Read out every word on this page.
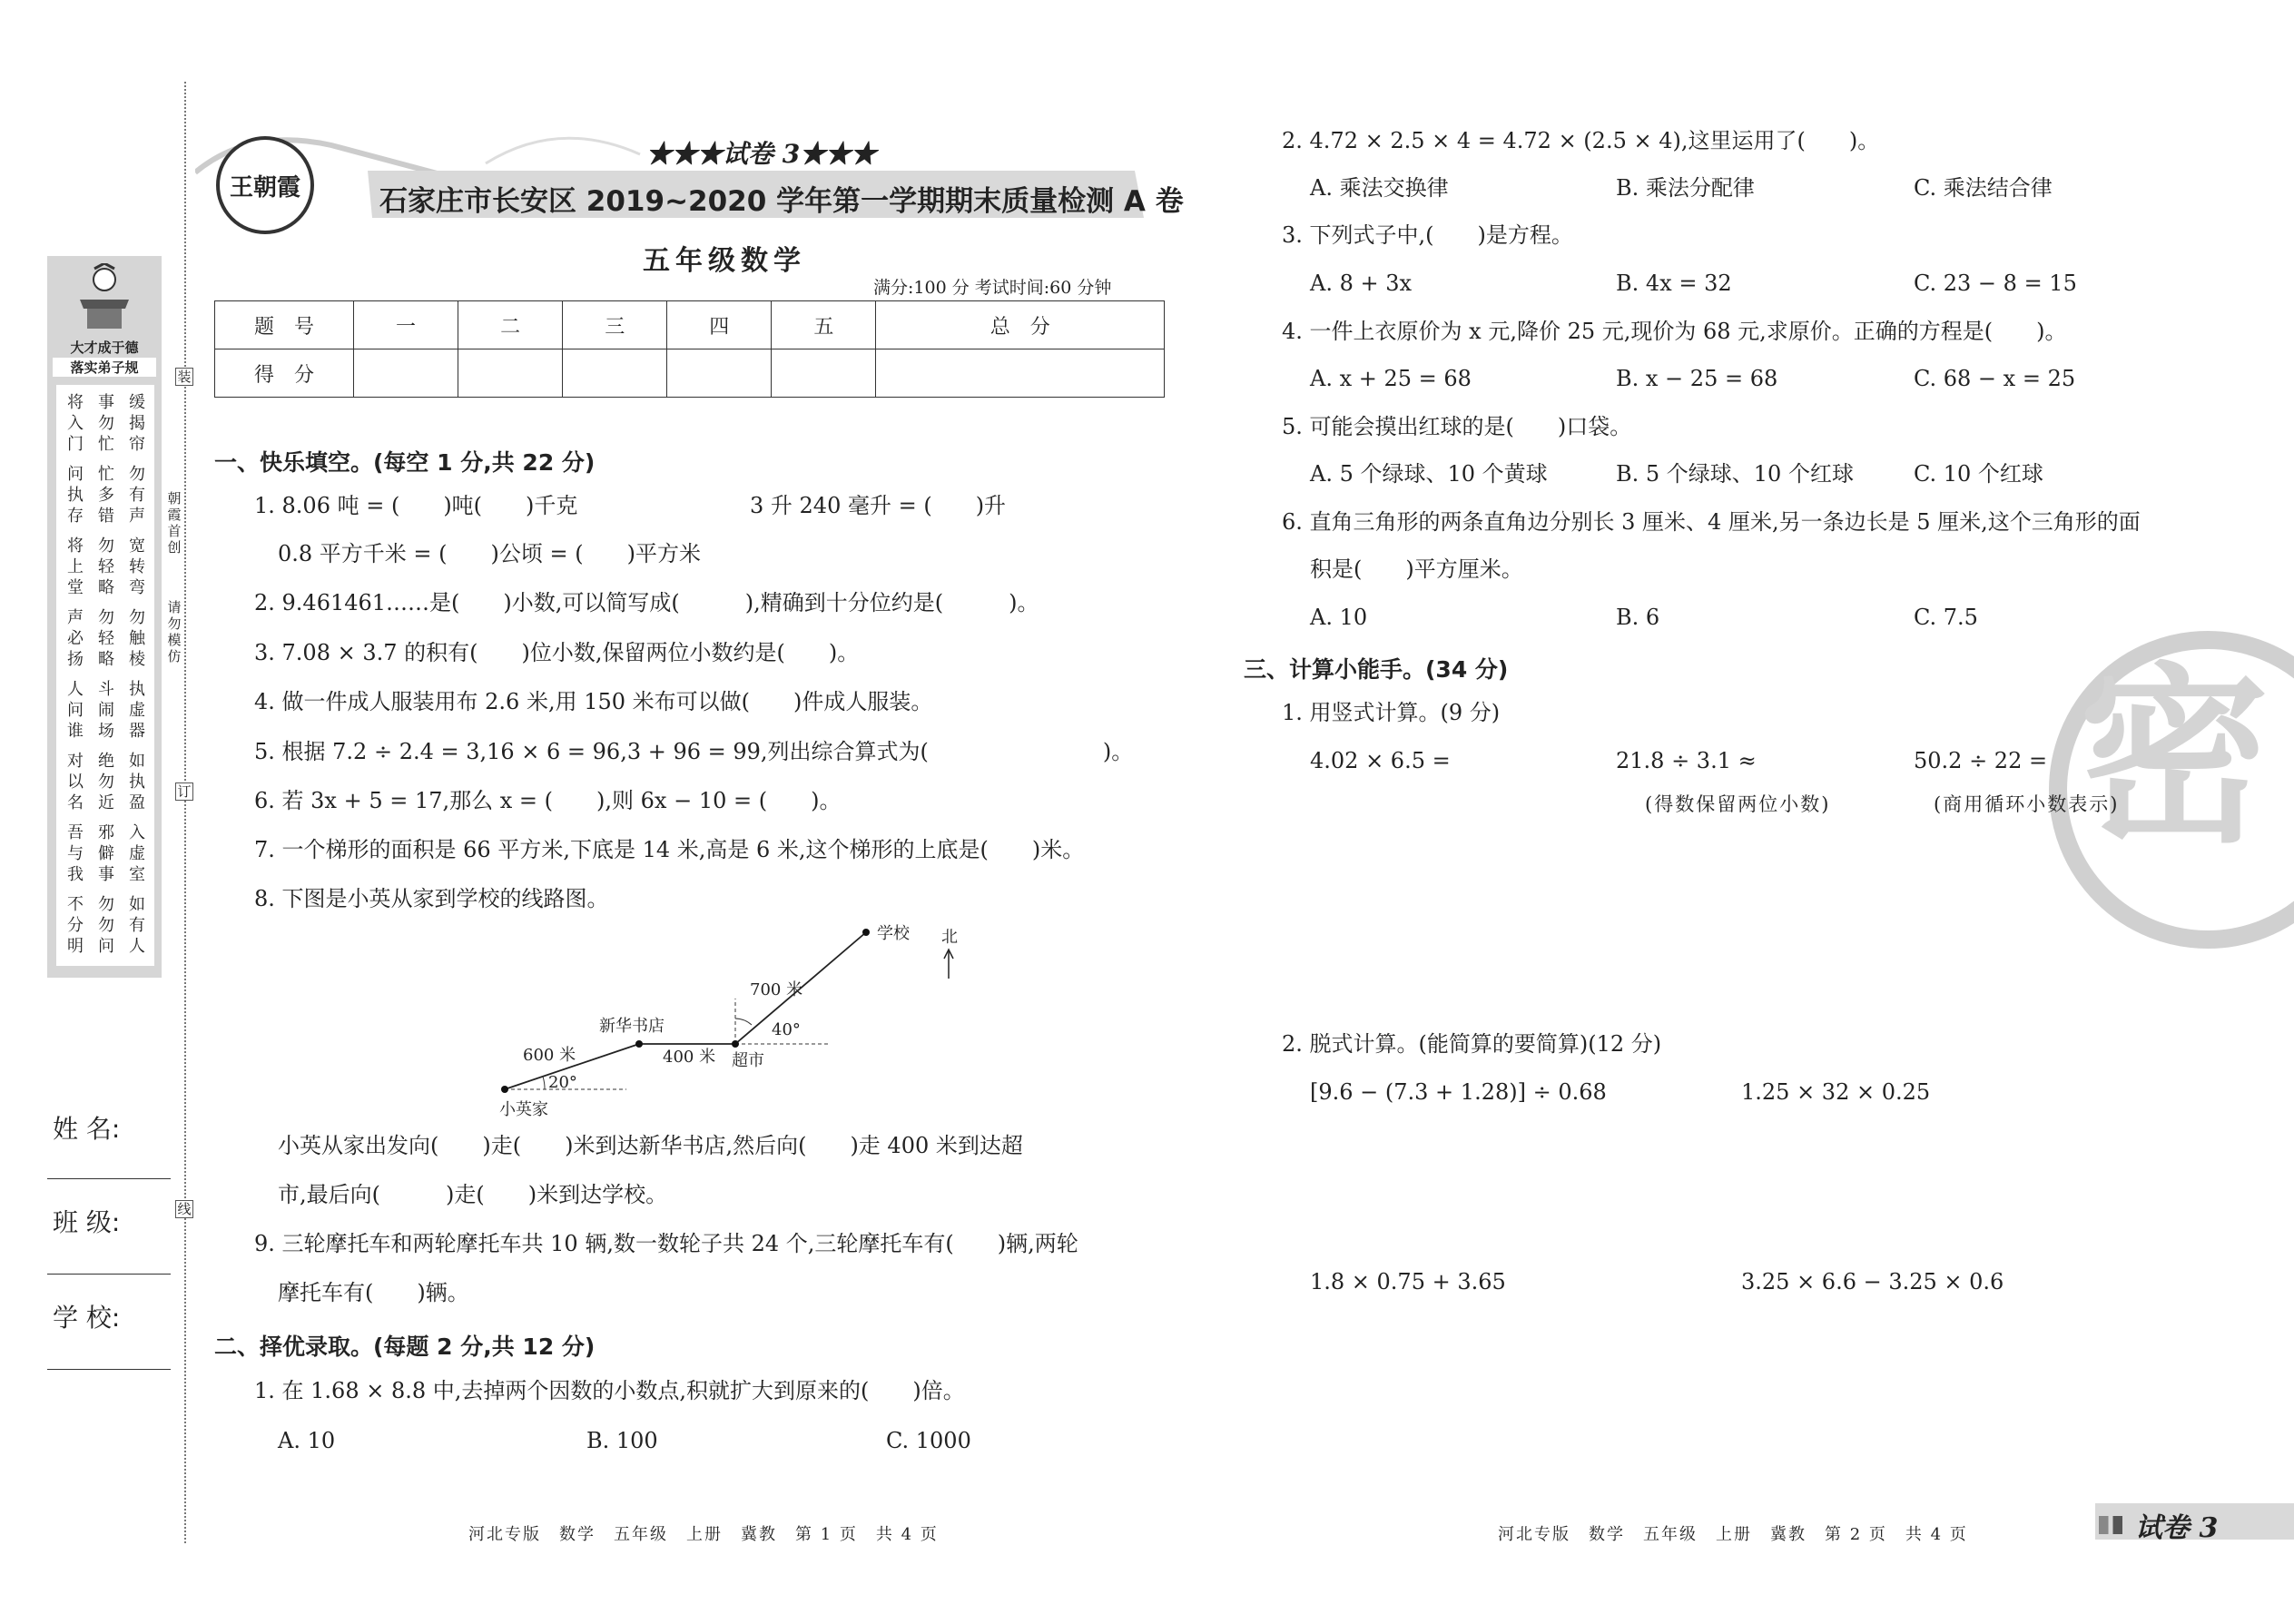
大才成于德
落实弟子规
将入门
事勿忙
缓揭帘
问执存
忙多错
勿有声
将上堂
勿轻略
宽转弯
声必扬
勿轻略
勿触棱
人问谁
斗闹场
执虚器
对以名
绝勿近
如执盈
吾与我
邪僻事
入虚室
不分明
勿勿问
如有人
装
朝霞首创
请勿模仿
订
线
姓 名:
班 级:
学 校:
王朝霞
★★★试卷 3★★★
石家庄市长安区 2019~2020 学年第一学期期末质量检测 A 卷
五年级数学
满分:100 分 考试时间:60 分钟
题　号	一	二	三	四	五	总　分
得　分						
一、快乐填空。(每空 1 分,共 22 分)
1. 8.06 吨 = (　　)吨(　　)千克	3 升 240 毫升 = (　　)升
0.8 平方千米 = (　　)公顷 = (　　)平方米
2. 9.461461……是(　　)小数,可以简写成(　　　),精确到十分位约是(　　　)。
3. 7.08 × 3.7 的积有(　　)位小数,保留两位小数约是(　　)。
4. 做一件成人服装用布 2.6 米,用 150 米布可以做(　　)件成人服装。
5. 根据 7.2 ÷ 2.4 = 3,16 × 6 = 96,3 + 96 = 99,列出综合算式为(　　　　　　　　)。
6. 若 3x + 5 = 17,那么 x = (　　),则 6x − 10 = (　　)。
7. 一个梯形的面积是 66 平方米,下底是 14 米,高是 6 米,这个梯形的上底是(　　)米。
8. 下图是小英从家到学校的线路图。
学校 北
700 米
新华书店
600 米	400 米 超市
小英家
20°
40°
小英从家出发向(　　)走(　　)米到达新华书店,然后向(　　)走 400 米到达超
市,最后向(　　　)走(　　)米到达学校。
9. 三轮摩托车和两轮摩托车共 10 辆,数一数轮子共 24 个,三轮摩托车有(　　)辆,两轮
摩托车有(　　)辆。
二、择优录取。(每题 2 分,共 12 分)
1. 在 1.68 × 8.8 中,去掉两个因数的小数点,积就扩大到原来的(　　)倍。
A. 10	B. 100	C. 1000
密
2. 4.72 × 2.5 × 4 = 4.72 × (2.5 × 4),这里运用了(　　)。
A. 乘法交换律	B. 乘法分配律	C. 乘法结合律
3. 下列式子中,(　　)是方程。
A. 8 + 3x	B. 4x = 32	C. 23 − 8 = 15
4. 一件上衣原价为 x 元,降价 25 元,现价为 68 元,求原价。正确的方程是(　　)。
A. x + 25 = 68	B. x − 25 = 68	C. 68 − x = 25
5. 可能会摸出红球的是(　　)口袋。
A. 5 个绿球、10 个黄球	B. 5 个绿球、10 个红球	C. 10 个红球
6. 直角三角形的两条直角边分别长 3 厘米、4 厘米,另一条边长是 5 厘米,这个三角形的面
积是(　　)平方厘米。
A. 10	B. 6	C. 7.5
三、计算小能手。(34 分)
1. 用竖式计算。(9 分)
4.02 × 6.5 =	21.8 ÷ 3.1 ≈	50.2 ÷ 22 =
(得数保留两位小数)	(商用循环小数表示)
2. 脱式计算。(能简算的要简算)(12 分)
[9.6 − (7.3 + 1.28)] ÷ 0.68	1.25 × 32 × 0.25
1.8 × 0.75 + 3.65	3.25 × 6.6 − 3.25 × 0.6
河北专版　数学　五年级　上册　冀教　第 1 页　共 4 页	河北专版　数学　五年级　上册　冀教　第 2 页　共 4 页	试卷 3
